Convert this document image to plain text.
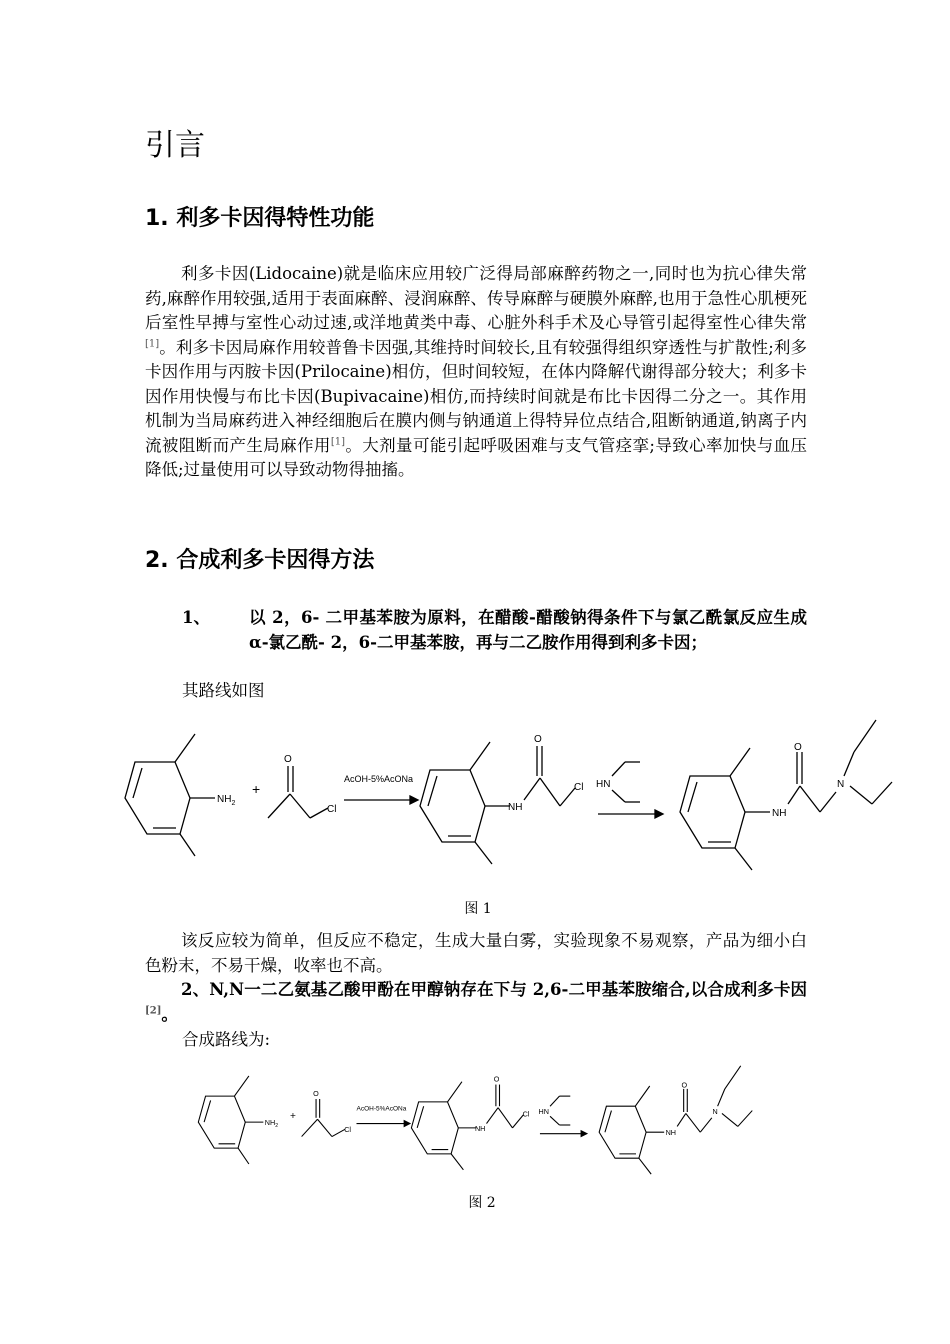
引言
1. 利多卡因得特性功能
利多卡因(Lidocaine)就是临床应用较广泛得局部麻醉药物之一,同时也为抗心律失常药,麻醉作用较强,适用于表面麻醉、浸润麻醉、传导麻醉与硬膜外麻醉,也用于急性心肌梗死后室性早搏与室性心动过速,或洋地黄类中毒、心脏外科手术及心导管引起得室性心律失常[1]。利多卡因局麻作用较普鲁卡因强,其维持时间较长,且有较强得组织穿透性与扩散性;利多卡因作用与丙胺卡因(Prilocaine)相仿，但时间较短，在体内降解代谢得部分较大；利多卡因作用快慢与布比卡因(Bupivacaine)相仿,而持续时间就是布比卡因得二分之一。其作用机制为当局麻药进入神经细胞后在膜内侧与钠通道上得特异位点结合,阻断钠通道,钠离子内流被阻断而产生局麻作用[1]。大剂量可能引起呼吸困难与支气管痉挛;导致心率加快与血压降低;过量使用可以导致动物得抽搐。
2. 合成利多卡因得方法
1、	以 2，6- 二甲基苯胺为原料，在醋酸-醋酸钠得条件下与氯乙酰氯反应生成 α-氯乙酰- 2，6-二甲基苯胺，再与二乙胺作用得到利多卡因；
其路线如图
$NH_2$
+
O
Cl
AcOH-5%AcONa
NH
O
Cl HN
NH
O
N
图 1
该反应较为简单，但反应不稳定，生成大量白雾，实验现象不易观察，产品为细小白色粉末，不易干燥，收率也不高。
2、N,N一二乙氨基乙酸甲酚在甲醇钠存在下与 2,6-二甲基苯胺缩合,以合成利多卡因[2]。
合成路线为:
$NH_2$
+
O
Cl
AcOH-5%AcONa
NH
O
Cl HN
NH
O
N
图 2
